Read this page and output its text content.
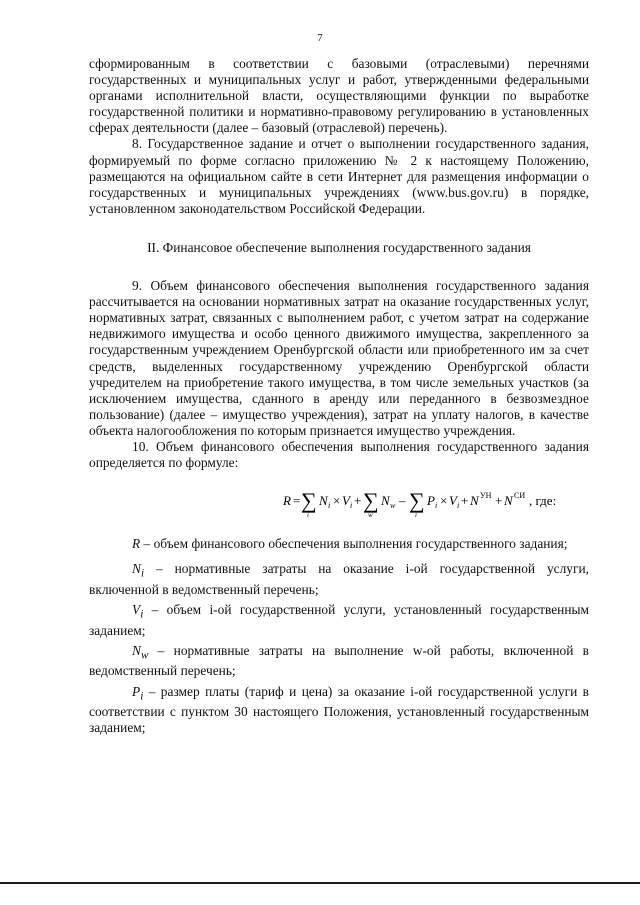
7

сформированным в соответствии с базовыми (отраслевыми) перечнями государственных и муниципальных услуг и работ, утвержденными федеральными органами исполнительной власти, осуществляющими функции по выработке государственной политики и нормативно-правовому регулированию в установленных сферах деятельности (далее – базовый (отраслевой) перечень).

8. Государственное задание и отчет о выполнении государственного задания, формируемый по форме согласно приложению № 2 к настоящему Положению, размещаются на официальном сайте в сети Интернет для размещения информации о государственных и муниципальных учреждениях (www.bus.gov.ru) в порядке, установленном законодательством Российской Федерации.

II. Финансовое обеспечение выполнения государственного задания

9. Объем финансового обеспечения выполнения государственного задания рассчитывается на основании нормативных затрат на оказание государственных услуг, нормативных затрат, связанных с выполнением работ, с учетом затрат на содержание недвижимого имущества и особо ценного движимого имущества, закрепленного за государственным учреждением Оренбургской области или приобретенного им за счет средств, выделенных государственному учреждению Оренбургской области учредителем на приобретение такого имущества, в том числе земельных участков (за исключением имущества, сданного в аренду или переданного в безвозмездное пользование) (далее – имущество учреждения), затрат на уплату налогов, в качестве объекта налогообложения по которым признается имущество учреждения.

10. Объем финансового обеспечения выполнения государственного задания определяется по формуле:

R = ∑
i
N i × V i + ∑
w
N w – ∑
i
P i × V i + N УН + N СИ , где:

R – объем финансового обеспечения выполнения государственного задания;

$N_i$ – нормативные затраты на оказание i-ой государственной услуги, включенной в ведомственный перечень;

$V_i$ – объем i-ой государственной услуги, установленный государственным заданием;

$N_w$ – нормативные затраты на выполнение w-ой работы, включенной в ведомственный перечень;

$P_i$ – размер платы (тариф и цена) за оказание i-ой государственной услуги в соответствии с пунктом 30 настоящего Положения, установленный государственным заданием;
